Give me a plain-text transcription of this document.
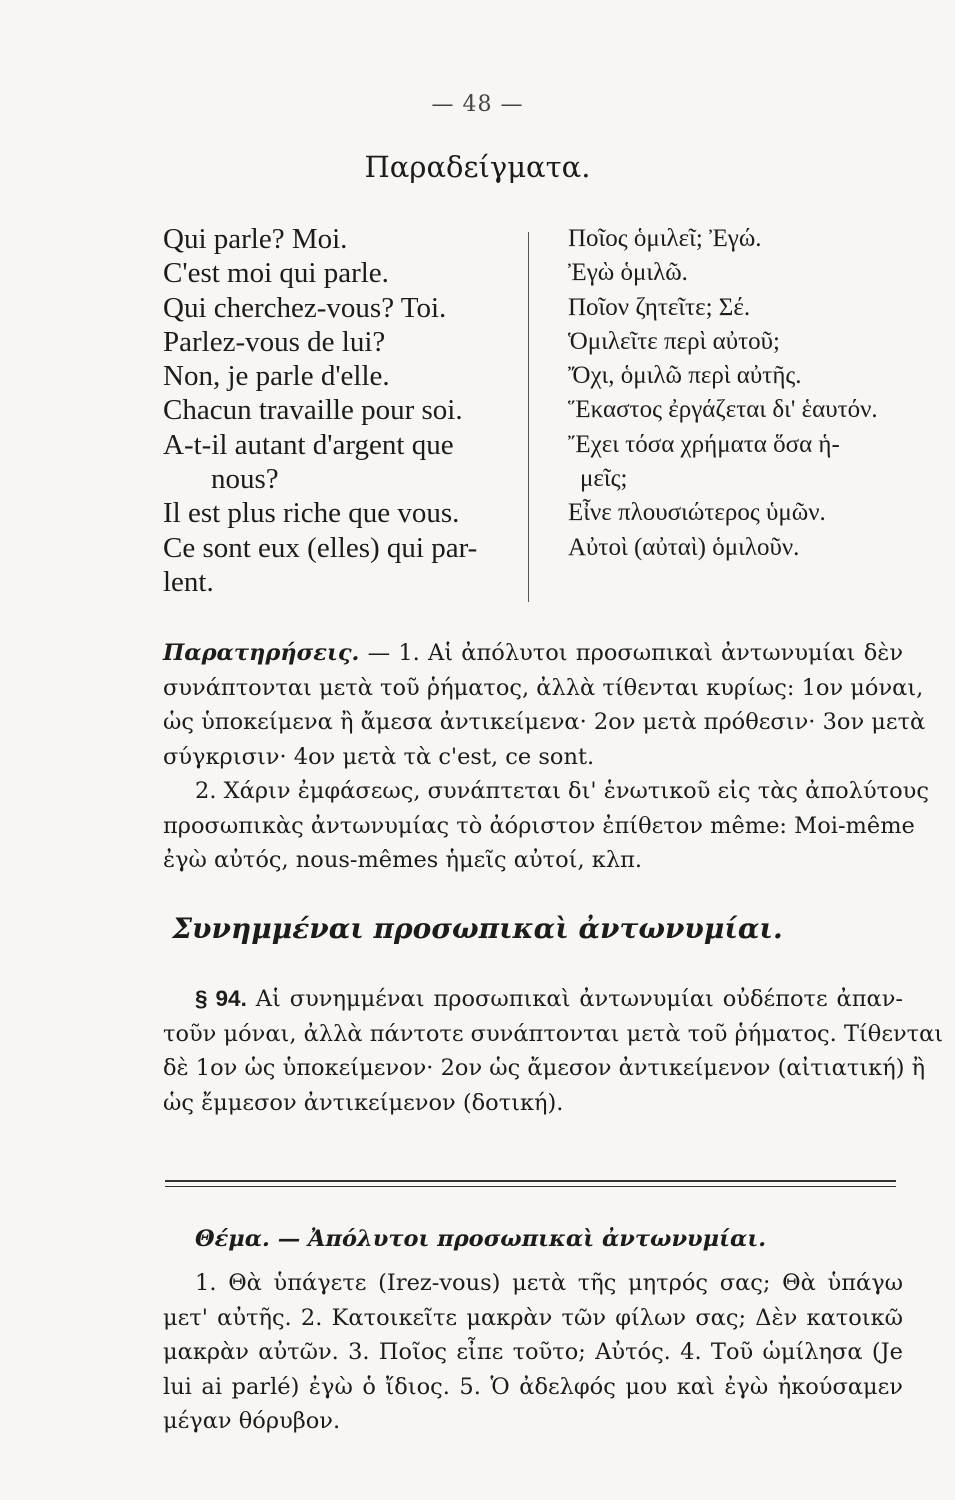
— 48 —
Παραδείγματα.
Qui parle? Moi.
C'est moi qui parle.
Qui cherchez-vous? Toi.
Parlez-vous de lui?
Non, je parle d'elle.
Chacun travaille pour soi.
A-t-il autant d'argent que
nous?
Il est plus riche que vous.
Ce sont eux (elles) qui par-
lent.
Ποῖος ὁμιλεῖ; Ἐγώ.
Ἐγὼ ὁμιλῶ.
Ποῖον ζητεῖτε; Σέ.
Ὁμιλεῖτε περὶ αὐτοῦ;
Ὄχι, ὁμιλῶ περὶ αὐτῆς.
Ἕκαστος ἐργάζεται δι' ἑαυτόν.
Ἔχει τόσα χρήματα ὅσα ἡ-
μεῖς;
Εἶνε πλουσιώτερος ὑμῶν.
Αὐτοὶ (αὐταὶ) ὁμιλοῦν.
Παρατηρήσεις. — 1. Αἱ ἀπόλυτοι προσωπικαὶ ἀντωνυμίαι δὲν
συνάπτονται μετὰ τοῦ ῥήματος, ἀλλὰ τίθενται κυρίως: 1ον μόναι,
ὡς ὑποκείμενα ἢ ἄμεσα ἀντικείμενα· 2ον μετὰ πρόθεσιν· 3ον μετὰ
σύγκρισιν· 4ον μετὰ τὰ c'est, ce sont.
2. Χάριν ἐμφάσεως, συνάπτεται δι' ἑνωτικοῦ εἰς τὰς ἀπολύτους
προσωπικὰς ἀντωνυμίας τὸ ἀόριστον ἐπίθετον même: Moi-même
ἐγὼ αὐτός, nous-mêmes ἡμεῖς αὐτοί, κλπ.
Συνημμέναι προσωπικαὶ ἀντωνυμίαι.
§ 94. Αἱ συνημμέναι προσωπικαὶ ἀντωνυμίαι οὐδέποτε ἀπαν-
τοῦν μόναι, ἀλλὰ πάντοτε συνάπτονται μετὰ τοῦ ῥήματος. Τίθενται
δὲ 1ον ὡς ὑποκείμενον· 2ον ὡς ἄμεσον ἀντικείμενον (αἰτιατική) ἢ
ὡς ἔμμεσον ἀντικείμενον (δοτική).
Θέμα. — Ἀπόλυτοι προσωπικαὶ ἀντωνυμίαι.
1. Θὰ ὑπάγετε (Irez-vous) μετὰ τῆς μητρός σας; Θὰ ὑπάγω
μετ' αὐτῆς. 2. Κατοικεῖτε μακρὰν τῶν φίλων σας; Δὲν κατοικῶ
μακρὰν αὐτῶν. 3. Ποῖος εἶπε τοῦτο; Αὐτός. 4. Τοῦ ὡμίλησα (Je
lui ai parlé) ἐγὼ ὁ ἴδιος. 5. Ὁ ἀδελφός μου καὶ ἐγὼ ἠκούσαμεν
μέγαν θόρυβον.
